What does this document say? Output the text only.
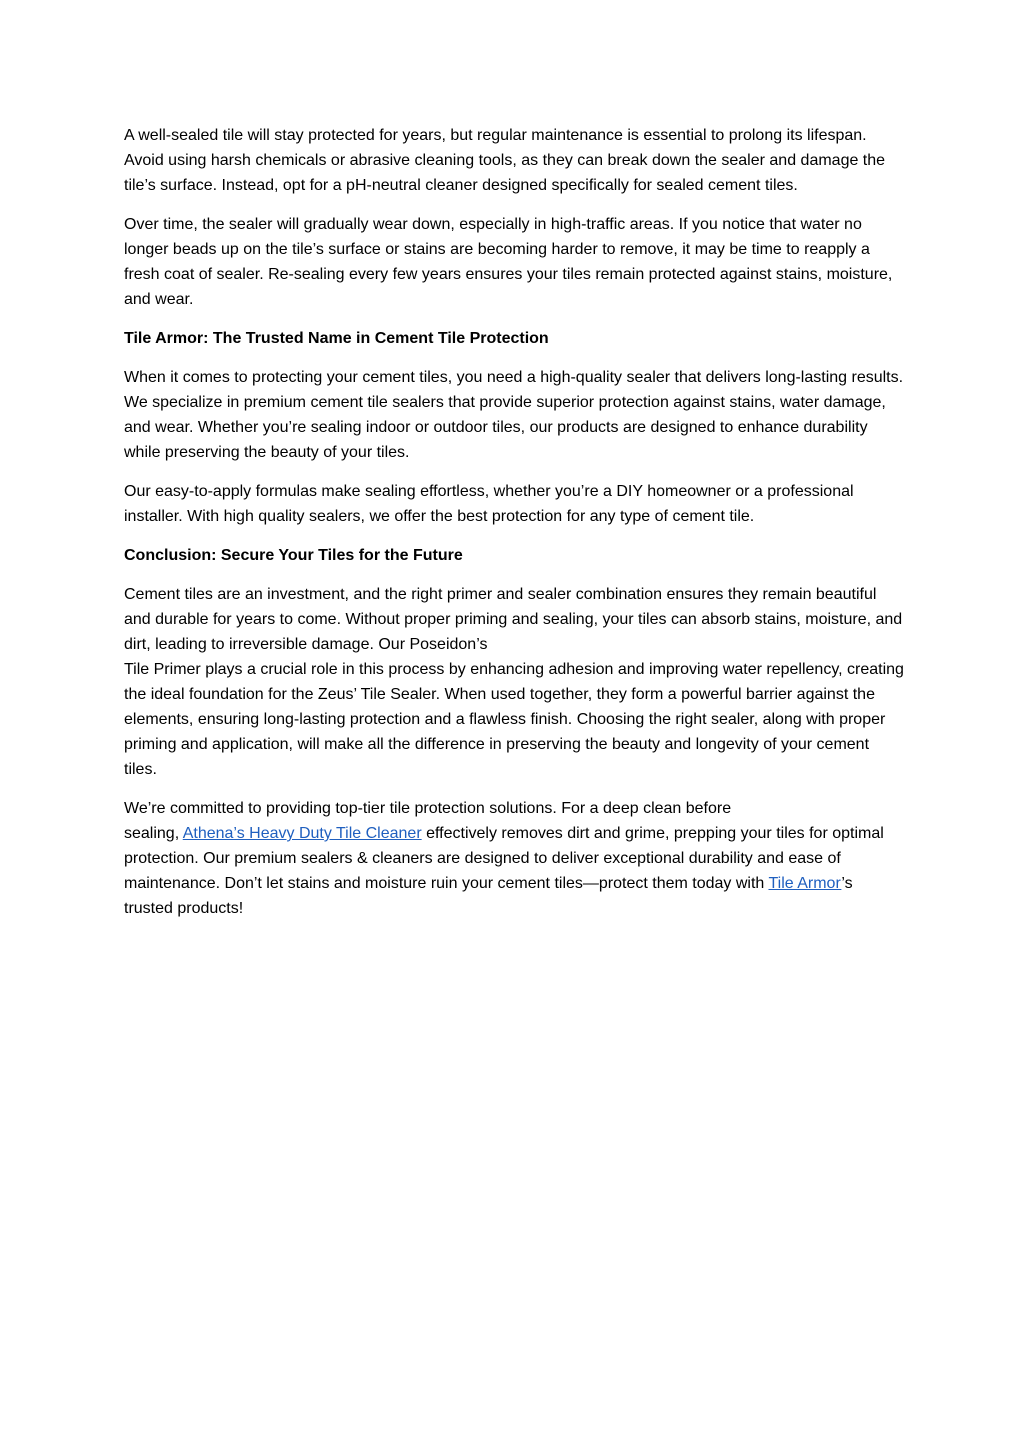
A well-sealed tile will stay protected for years, but regular maintenance is essential to prolong its lifespan. Avoid using harsh chemicals or abrasive cleaning tools, as they can break down the sealer and damage the tile’s surface. Instead, opt for a pH-neutral cleaner designed specifically for sealed cement tiles.

Over time, the sealer will gradually wear down, especially in high-traffic areas. If you notice that water no longer beads up on the tile’s surface or stains are becoming harder to remove, it may be time to reapply a fresh coat of sealer. Re-sealing every few years ensures your tiles remain protected against stains, moisture, and wear.

Tile Armor: The Trusted Name in Cement Tile Protection

When it comes to protecting your cement tiles, you need a high-quality sealer that delivers long-lasting results. We specialize in premium cement tile sealers that provide superior protection against stains, water damage, and wear. Whether you’re sealing indoor or outdoor tiles, our products are designed to enhance durability while preserving the beauty of your tiles.

Our easy-to-apply formulas make sealing effortless, whether you’re a DIY homeowner or a professional installer. With high quality sealers, we offer the best protection for any type of cement tile.

Conclusion: Secure Your Tiles for the Future

Cement tiles are an investment, and the right primer and sealer combination ensures they remain beautiful and durable for years to come. Without proper priming and sealing, your tiles can absorb stains, moisture, and dirt, leading to irreversible damage. Our Poseidon’s
Tile Primer plays a crucial role in this process by enhancing adhesion and improving water repellency, creating the ideal foundation for the Zeus’ Tile Sealer. When used together, they form a powerful barrier against the elements, ensuring long-lasting protection and a flawless finish. Choosing the right sealer, along with proper priming and application, will make all the difference in preserving the beauty and longevity of your cement tiles.

We’re committed to providing top-tier tile protection solutions. For a deep clean before
sealing, Athena’s Heavy Duty Tile Cleaner effectively removes dirt and grime, prepping your tiles for optimal protection. Our premium sealers & cleaners are designed to deliver exceptional durability and ease of maintenance. Don’t let stains and moisture ruin your cement tiles—protect them today with Tile Armor’s trusted products!
